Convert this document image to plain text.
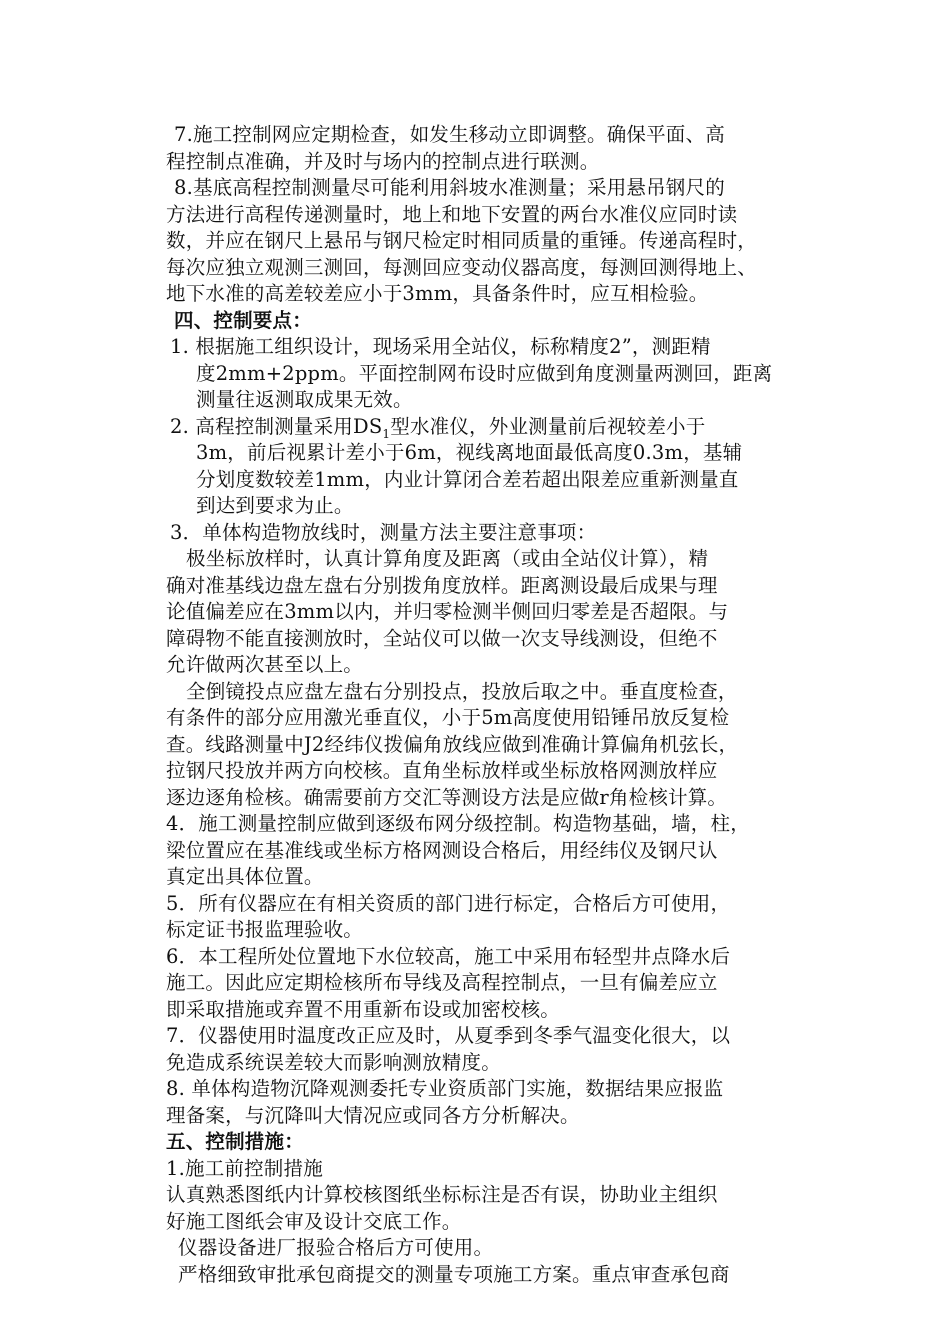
7.施工控制网应定期检查，如发生移动立即调整。确保平面、高
程控制点准确，并及时与场内的控制点进行联测。
8.基底高程控制测量尽可能利用斜坡水准测量；采用悬吊钢尺的
方法进行高程传递测量时，地上和地下安置的两台水准仪应同时读
数，并应在钢尺上悬吊与钢尺检定时相同质量的重锤。传递高程时，
每次应独立观测三测回，每测回应变动仪器高度，每测回测得地上、
地下水准的高差较差应小于3mm，具备条件时，应互相检验。
四、控制要点：
1. 根据施工组织设计，现场采用全站仪，标称精度2”，测距精
度2mm+2ppm。平面控制网布设时应做到角度测量两测回，距离
测量往返测取成果无效。
2. 高程控制测量采用$DS_1$型水准仪，外业测量前后视较差小于
3m，前后视累计差小于6m，视线离地面最低高度0.3m，基辅
分划度数较差1mm，内业计算闭合差若超出限差应重新测量直
到达到要求为止。
3．单体构造物放线时，测量方法主要注意事项：
极坐标放样时，认真计算角度及距离（或由全站仪计算），精
确对准基线边盘左盘右分别拨角度放样。距离测设最后成果与理
论值偏差应在3mm以内，并归零检测半侧回归零差是否超限。与
障碍物不能直接测放时，全站仪可以做一次支导线测设，但绝不
允许做两次甚至以上。
全倒镜投点应盘左盘右分别投点，投放后取之中。垂直度检查，
有条件的部分应用激光垂直仪，小于5m高度使用铅锤吊放反复检
查。线路测量中J2经纬仪拨偏角放线应做到准确计算偏角机弦长，
拉钢尺投放并两方向校核。直角坐标放样或坐标放格网测放样应
逐边逐角检核。确需要前方交汇等测设方法是应做r角检核计算。
4．施工测量控制应做到逐级布网分级控制。构造物基础，墙，柱，
梁位置应在基准线或坐标方格网测设合格后，用经纬仪及钢尺认
真定出具体位置。
5．所有仪器应在有相关资质的部门进行标定，合格后方可使用，
标定证书报监理验收。
6．本工程所处位置地下水位较高，施工中采用布轻型井点降水后
施工。因此应定期检核所布导线及高程控制点，一旦有偏差应立
即采取措施或弃置不用重新布设或加密校核。
7．仪器使用时温度改正应及时，从夏季到冬季气温变化很大，以
免造成系统误差较大而影响测放精度。
8. 单体构造物沉降观测委托专业资质部门实施，数据结果应报监
理备案，与沉降叫大情况应或同各方分析解决。
五、控制措施：
1.施工前控制措施
认真熟悉图纸内计算校核图纸坐标标注是否有误，协助业主组织
好施工图纸会审及设计交底工作。
仪器设备进厂报验合格后方可使用。
严格细致审批承包商提交的测量专项施工方案。重点审查承包商
